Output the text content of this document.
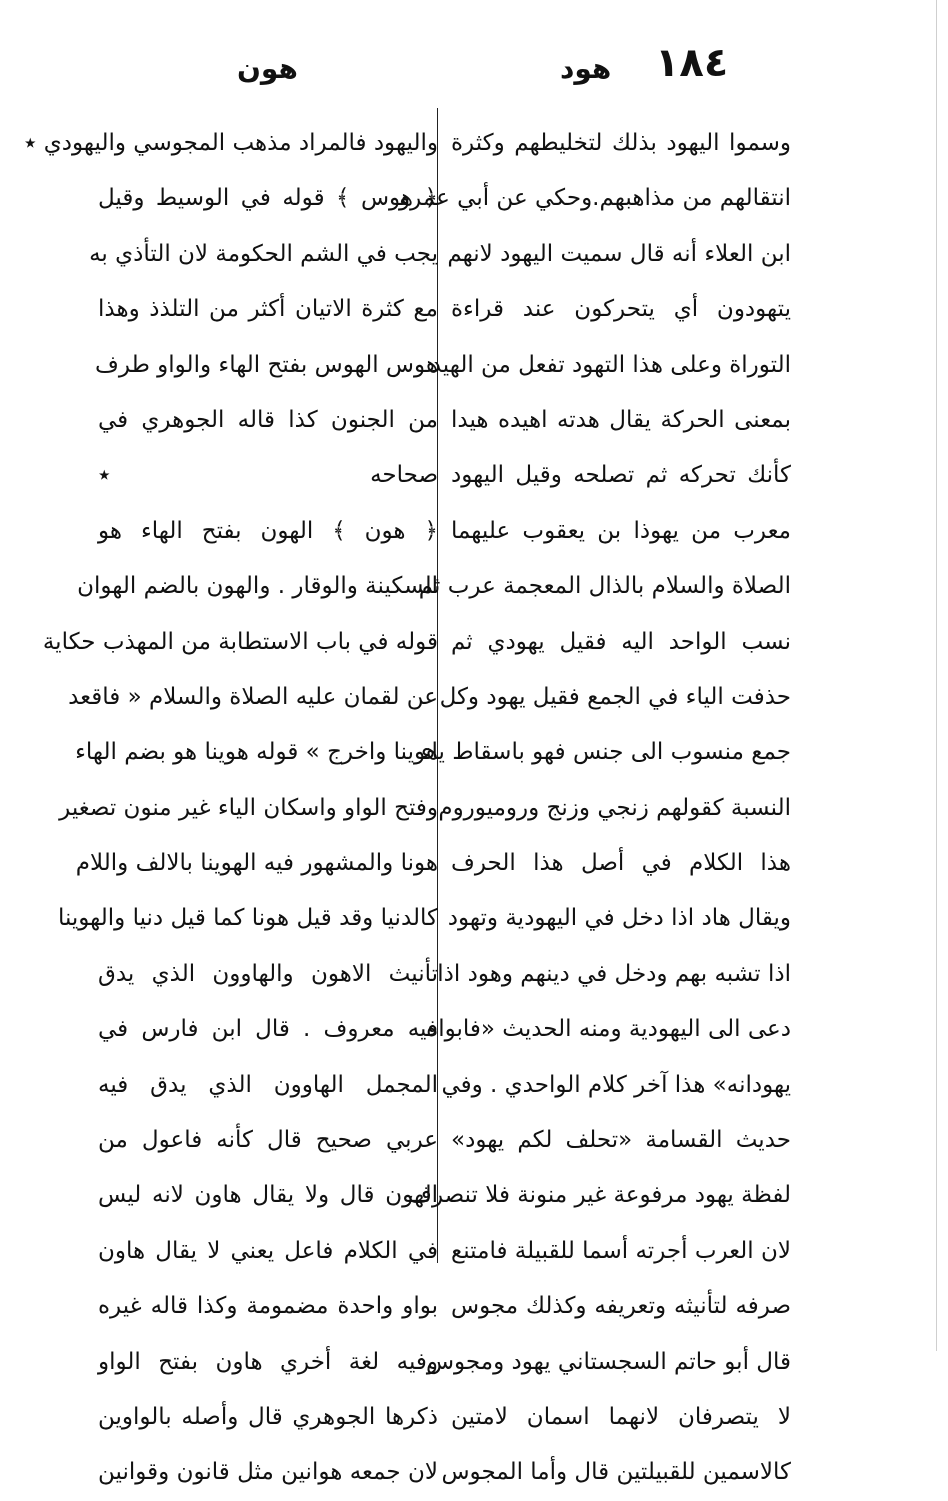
١٨٤
هود
هون
وسموا اليهود بذلك لتخليطهم وكثرة
انتقالهم من مذاهبهم.وحكي عن أبي عمرو
ابن العلاء أنه قال سميت اليهود لانهم
يتهودون أي يتحركون عند قراءة
التوراة وعلى هذا التهود تفعل من الهيد
بمعنى الحركة يقال هدته اهيده هيدا
كأنك تحركه ثم تصلحه وقيل اليهود
معرب من يهوذا بن يعقوب عليهما
الصلاة والسلام بالذال المعجمة عرب ثم
نسب الواحد اليه فقيل يهودي ثم
حذفت الياء في الجمع فقيل يهود وكل
جمع منسوب الى جنس فهو باسقاط ياء
النسبة كقولهم زنجي وزنج وروميوروم
هذا الكلام في أصل هذا الحرف
ويقال هاد اذا دخل في اليهودية وتهود
اذا تشبه بهم ودخل في دينهم وهود اذا
دعى الى اليهودية ومنه الحديث «فابواه
يهودانه» هذا آخر كلام الواحدي . وفي
حديث القسامة «تحلف لكم يهود»
لفظة يهود مرفوعة غير منونة فلا تنصرف
لان العرب أجرته أسما للقبيلة فامتنع
صرفه لتأنيثه وتعريفه وكذلك مجوس
قال أبو حاتم السجستاني يهود ومجوس
لا يتصرفان لانهما اسمان لامتين
كالاسمين للقبيلتين قال وأما المجوس
واليهود فالمراد مذهب المجوسي واليهودي ٭
﴿ هوس ﴾ قوله في الوسيط وقيل
يجب في الشم الحكومة لان التأذي به
مع كثرة الاتيان أكثر من التلذذ وهذا
هوس الهوس بفتح الهاء والواو طرف
من الجنون كذا قاله الجوهري في
صحاحه ٭
﴿ هون ﴾ الهون بفتح الهاء هو
السكينة والوقار . والهون بالضم الهوان
قوله في باب الاستطابة من المهذب حكاية
عن لقمان عليه الصلاة والسلام « فاقعد
هوينا واخرج » قوله هوينا هو بضم الهاء
وفتح الواو واسكان الياء غير منون تصغير
هونا والمشهور فيه الهوينا بالالف واللام
كالدنيا وقد قيل هونا كما قيل دنيا والهوينا
تأنيث الاهون والهاوون الذي يدق
فيه معروف . قال ابن فارس في
المجمل الهاوون الذي يدق فيه
عربي صحيح قال كأنه فاعول من
الهون قال ولا يقال هاون لانه ليس
في الكلام فاعل يعني لا يقال هاون
بواو واحدة مضمومة وكذا قاله غيره
وفيه لغة أخري هاون بفتح الواو
ذكرها الجوهري قال وأصله بالواوين
لان جمعه هوانين مثل قانون وقوانين
